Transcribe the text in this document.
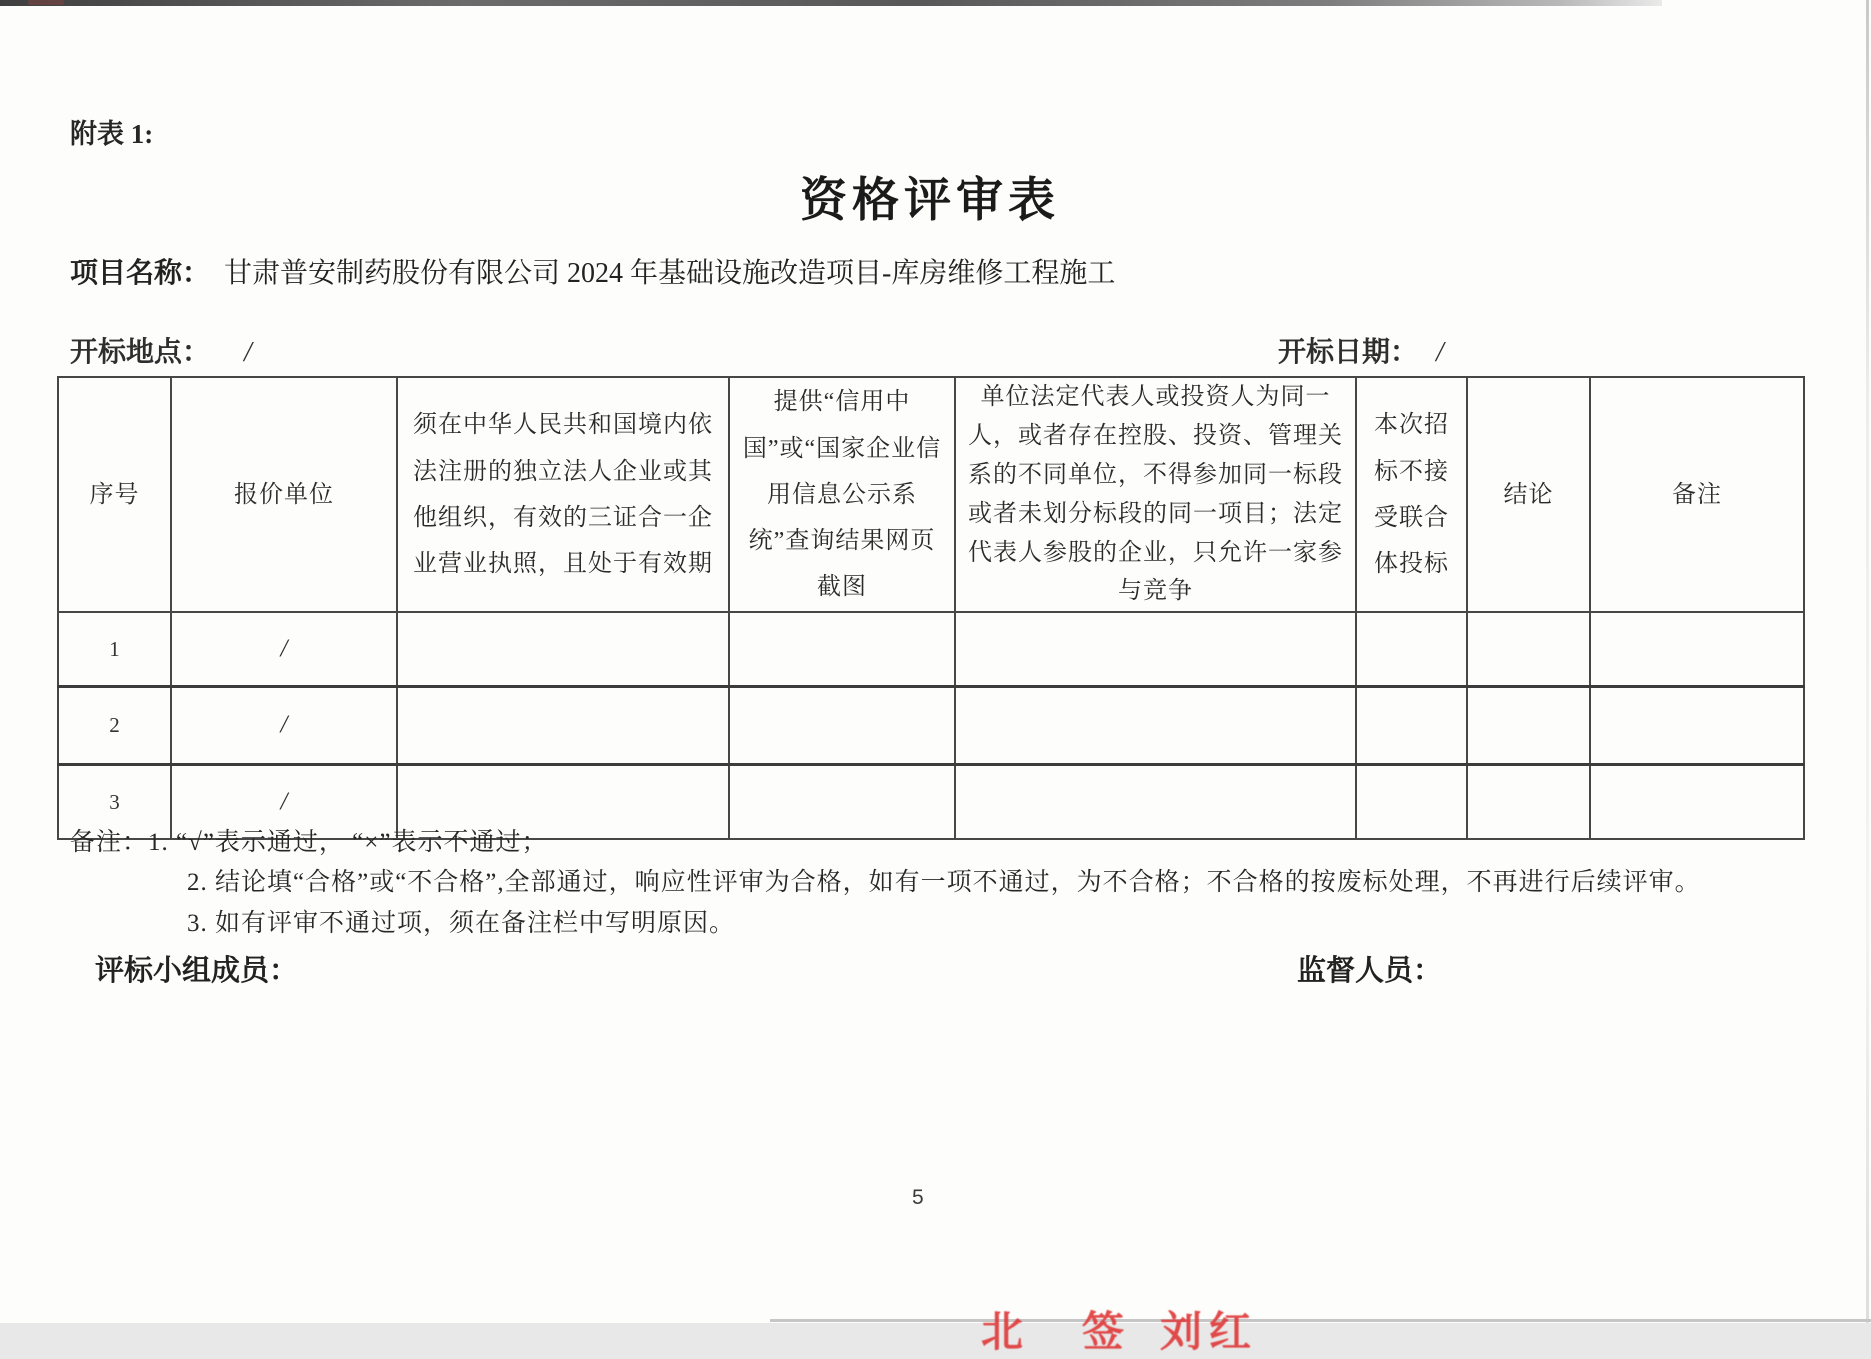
附表 1:
资格评审表
项目名称： 甘肃普安制药股份有限公司 2024 年基础设施改造项目-库房维修工程施工
开标地点： /	开标日期： /
序号	报价单位	须在中华人民共和国境内依法注册的独立法人企业或其他组织，有效的三证合一企业营业执照，且处于有效期	提供“信用中国”或“国家企业信用信息公示系统”查询结果网页截图	单位法定代表人或投资人为同一人，或者存在控股、投资、管理关系的不同单位，不得参加同一标段或者未划分标段的同一项目；法定代表人参股的企业，只允许一家参与竞争	本次招标不接受联合体投标	结论	备注
1	/						
2	/						
3	/						
备注：1. “√”表示通过， “×”表示不通过；
2. 结论填“合格”或“不合格”,全部通过，响应性评审为合格，如有一项不通过，为不合格；不合格的按废标处理，不再进行后续评审。
3. 如有评审不通过项，须在备注栏中写明原因。
评标小组成员：	监督人员：
5
北 签 刘红
